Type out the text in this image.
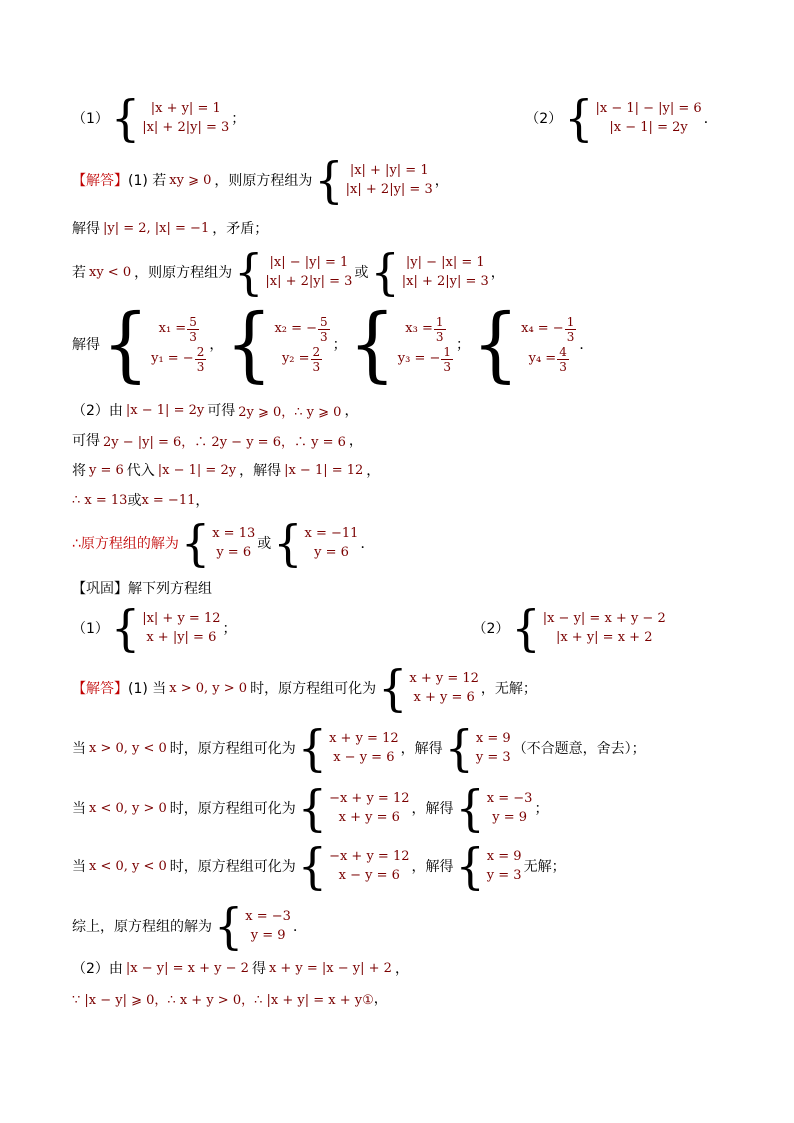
（1） { |x + y| = 1
|x| + 2|y| = 3
；	（2） { |x − 1| − |y| = 6
|x − 1| = 2y
．
【解答】 (1) 若 xy ⩾ 0 ，则原方程组为 { |x| + |y| = 1
|x| + 2|y| = 3
，
解得 |y| = 2, |x| = −1 ，矛盾；
若 xy < 0 ，则原方程组为 { |x| − |y| = 1
|x| + 2|y| = 3
或 { |y| − |x| = 1
|x| + 2|y| = 3
，
解得 { $x_1 = \frac{5}{3}$
y₁ = − $\frac{2}{3}$ ， { x₂ = − $\frac{5}{3}$
$y_2 = \frac{2}{3}$ ； { $x_3 = \frac{1}{3}$
y₃ = − $\frac{1}{3}$ ； { x₄ = − $\frac{1}{3}$
$y_4 = \frac{4}{3}$ ．
（2）由 |x − 1| = 2y 可得 2y ⩾ 0，∴ y ⩾ 0 ，
可得 2y − |y| = 6，∴ 2y − y = 6，∴ y = 6 ，
将 y = 6 代入 |x − 1| = 2y ，解得 |x − 1| = 12 ，
∴ x = 13 或 x = −11 ，
∴原方程组的解为 { x = 13
y = 6
或 { x = −11
y = 6
．
【巩固】 解下列方程组
（1） { |x| + y = 12
x + |y| = 6
；	（2） { |x − y| = x + y − 2
|x + y| = x + 2
【解答】 (1) 当 x > 0, y > 0 时，原方程组可化为 { x + y = 12
x + y = 6
，无解；
当 x > 0, y < 0 时，原方程组可化为 { x + y = 12
x − y = 6
，解得 { x = 9
y = 3
（不合题意，舍去）；
当 x < 0, y > 0 时，原方程组可化为 { −x + y = 12
x + y = 6
，解得 { x = −3
y = 9
；
当 x < 0, y < 0 时，原方程组可化为 { −x + y = 12
x − y = 6
，解得 { x = 9
y = 3
无解；
综上，原方程组的解为 { x = −3
y = 9
．
（2）由 |x − y| = x + y − 2 得 x + y = |x − y| + 2 ，
∵ |x − y| ⩾ 0，∴ x + y > 0，∴ |x + y| = x + y① ，
